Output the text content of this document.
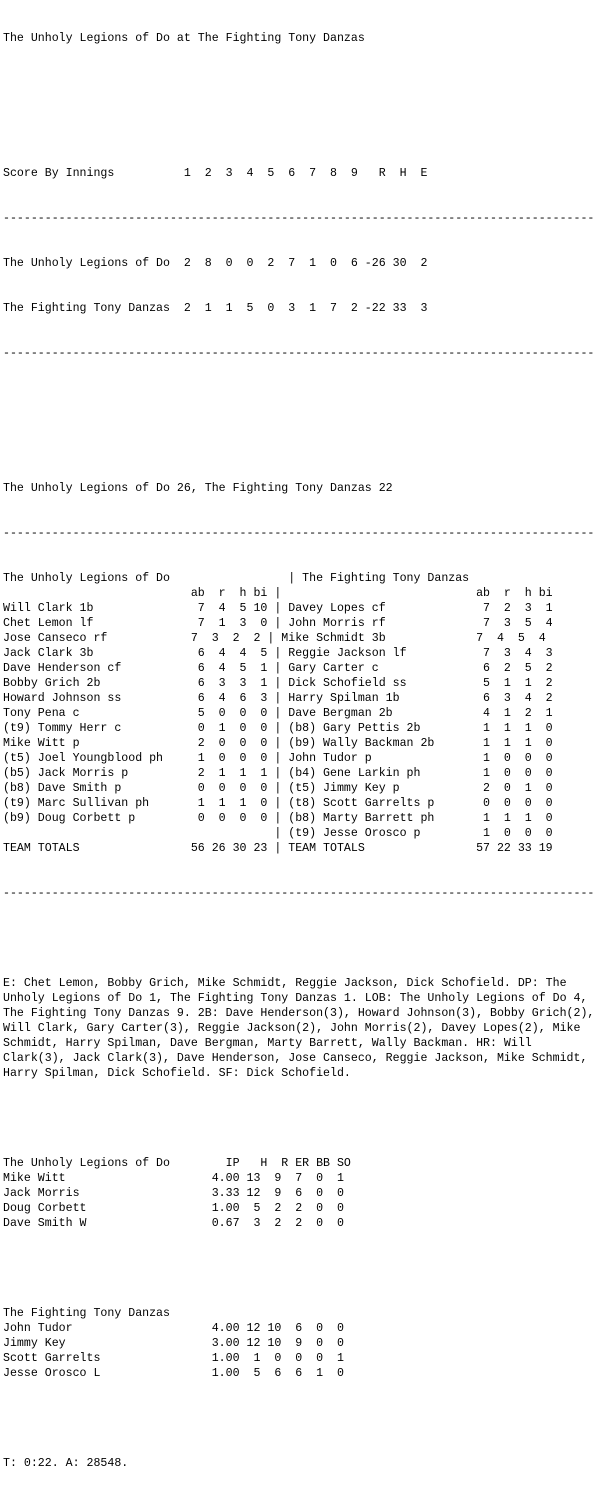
The Unholy Legions of Do at The Fighting Tony Danzas

Score By Innings          1  2  3  4  5  6  7  8  9   R  H  E

-------------------------------------------------------------------------------------

The Unholy Legions of Do  2  8  0  0  2  7  1  0  6 -26 30  2

The Fighting Tony Danzas  2  1  1  5  0  3  1  7  2 -22 33  3

-------------------------------------------------------------------------------------

The Unholy Legions of Do 26, The Fighting Tony Danzas 22

-------------------------------------------------------------------------------------

The Unholy Legions of Do                 | The Fighting Tony Danzas
ab  r  h bi |                            ab  r  h bi
Will Clark 1b               7  4  5 10 | Davey Lopes cf              7  2  3  1
Chet Lemon lf               7  1  3  0 | John Morris rf              7  3  5  4
Jose Canseco rf            7  3  2  2 | Mike Schmidt 3b             7  4  5  4
Jack Clark 3b               6  4  4  5 | Reggie Jackson lf           7  3  4  3
Dave Henderson cf           6  4  5  1 | Gary Carter c               6  2  5  2
Bobby Grich 2b              6  3  3  1 | Dick Schofield ss           5  1  1  2
Howard Johnson ss           6  4  6  3 | Harry Spilman 1b            6  3  4  2
Tony Pena c                 5  0  0  0 | Dave Bergman 2b             4  1  2  1
(t9) Tommy Herr c           0  1  0  0 | (b8) Gary Pettis 2b         1  1  1  0
Mike Witt p                 2  0  0  0 | (b9) Wally Backman 2b       1  1  1  0
(t5) Joel Youngblood ph     1  0  0  0 | John Tudor p                1  0  0  0
(b5) Jack Morris p          2  1  1  1 | (b4) Gene Larkin ph         1  0  0  0
(b8) Dave Smith p           0  0  0  0 | (t5) Jimmy Key p            2  0  1  0
(t9) Marc Sullivan ph       1  1  1  0 | (t8) Scott Garrelts p       0  0  0  0
(b9) Doug Corbett p         0  0  0  0 | (b8) Marty Barrett ph       1  1  1  0
| (t9) Jesse Orosco p         1  0  0  0
TEAM TOTALS                56 26 30 23 | TEAM TOTALS                57 22 33 19

-------------------------------------------------------------------------------------

E: Chet Lemon, Bobby Grich, Mike Schmidt, Reggie Jackson, Dick Schofield. DP: The
Unholy Legions of Do 1, The Fighting Tony Danzas 1. LOB: The Unholy Legions of Do 4,
The Fighting Tony Danzas 9. 2B: Dave Henderson(3), Howard Johnson(3), Bobby Grich(2),
Will Clark, Gary Carter(3), Reggie Jackson(2), John Morris(2), Davey Lopes(2), Mike
Schmidt, Harry Spilman, Dave Bergman, Marty Barrett, Wally Backman. HR: Will
Clark(3), Jack Clark(3), Dave Henderson, Jose Canseco, Reggie Jackson, Mike Schmidt,
Harry Spilman, Dick Schofield. SF: Dick Schofield.

The Unholy Legions of Do        IP   H  R ER BB SO
Mike Witt                     4.00 13  9  7  0  1
Jack Morris                   3.33 12  9  6  0  0
Doug Corbett                  1.00  5  2  2  0  0
Dave Smith W                  0.67  3  2  2  0  0

The Fighting Tony Danzas
John Tudor                    4.00 12 10  6  0  0
Jimmy Key                     3.00 12 10  9  0  0
Scott Garrelts                1.00  1  0  0  0  1
Jesse Orosco L                1.00  5  6  6  1  0

T: 0:22. A: 28548.
